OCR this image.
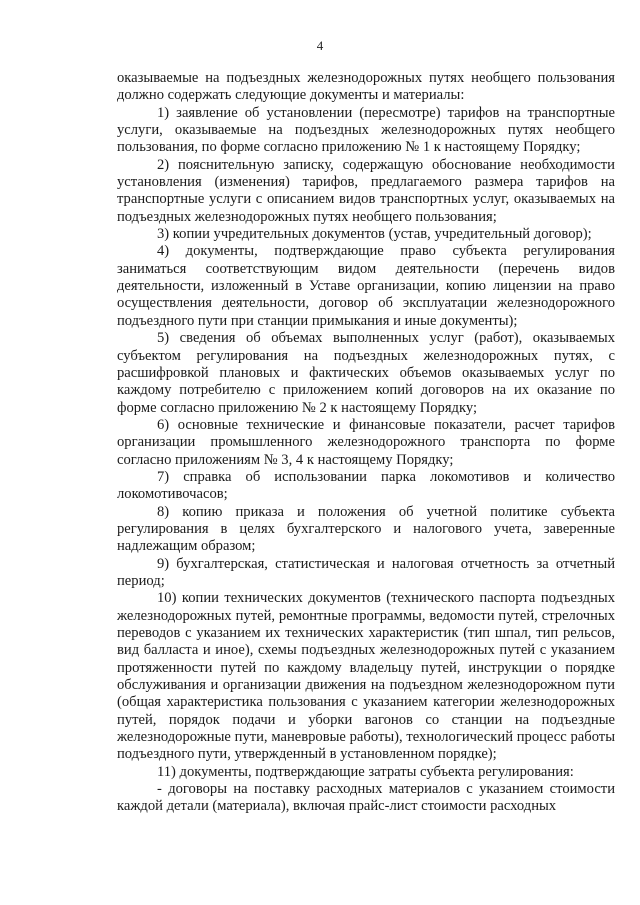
4

оказываемые на подъездных железнодорожных путях необщего пользования должно содержать следующие документы и материалы:

1) заявление об установлении (пересмотре) тарифов на транспортные услуги, оказываемые на подъездных железнодорожных путях необщего пользования, по форме согласно приложению № 1 к настоящему Порядку;

2) пояснительную записку, содержащую обоснование необходимости установления (изменения) тарифов, предлагаемого размера тарифов на транспортные услуги с описанием видов транспортных услуг, оказываемых на подъездных железнодорожных путях необщего пользования;

3) копии учредительных документов (устав, учредительный договор);

4) документы, подтверждающие право субъекта регулирования заниматься соответствующим видом деятельности (перечень видов деятельности, изложенный в Уставе организации, копию лицензии на право осуществления деятельности, договор об эксплуатации железнодорожного подъездного пути при станции примыкания и иные документы);

5) сведения об объемах выполненных услуг (работ), оказываемых субъектом регулирования на подъездных железнодорожных путях, с расшифровкой плановых и фактических объемов оказываемых услуг по каждому потребителю с приложением копий договоров на их оказание по форме согласно приложению № 2 к настоящему Порядку;

6) основные технические и финансовые показатели, расчет тарифов организации промышленного железнодорожного транспорта по форме согласно приложениям № 3, 4 к настоящему Порядку;

7) справка об использовании парка локомотивов и количество локомотивочасов;

8) копию приказа и положения об учетной политике субъекта регулирования в целях бухгалтерского и налогового учета, заверенные надлежащим образом;

9) бухгалтерская, статистическая и налоговая отчетность за отчетный период;

10) копии технических документов (технического паспорта подъездных железнодорожных путей, ремонтные программы, ведомости путей, стрелочных переводов с указанием их технических характеристик (тип шпал, тип рельсов, вид балласта и иное), схемы подъездных железнодорожных путей с указанием протяженности путей по каждому владельцу путей, инструкции о порядке обслуживания и организации движения на подъездном железнодорожном пути (общая характеристика пользования с указанием категории железнодорожных путей, порядок подачи и уборки вагонов со станции на подъездные железнодорожные пути, маневровые работы), технологический процесс работы подъездного пути, утвержденный в установленном порядке);

11) документы, подтверждающие затраты субъекта регулирования:

- договоры на поставку расходных материалов с указанием стоимости каждой детали (материала), включая прайс-лист стоимости расходных
